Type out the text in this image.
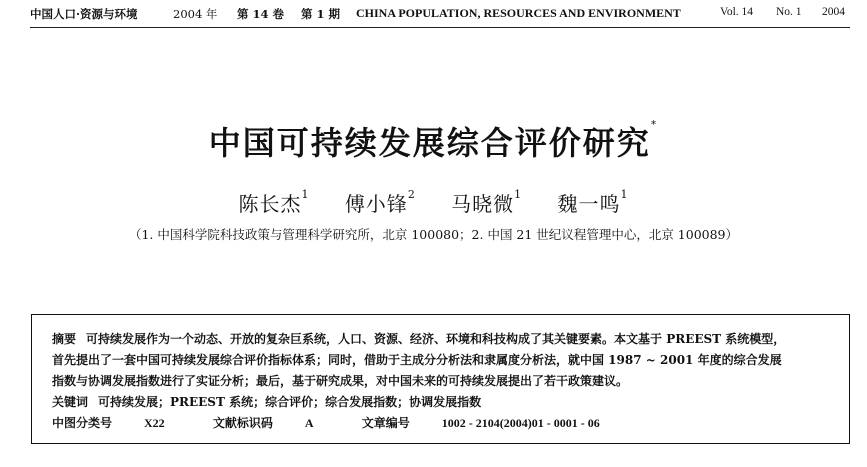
中国人口·资源与环境	2004 年 第 14 卷 第 1 期 CHINA POPULATION, RESOURCES AND ENVIRONMENT	Vol. 14 No. 1 2004
中国可持续发展综合评价研究*
陈长杰$^1$ 傅小锋$^2$ 马晓微$^1$ 魏一鸣$^1$
（1. 中国科学院科技政策与管理科学研究所，北京 100080；2. 中国 21 世纪议程管理中心，北京 100089）
摘要 可持续发展作为一个动态、开放的复杂巨系统，人口、资源、经济、环境和科技构成了其关键要素。本文基于 PREEST 系统模型，
首先提出了一套中国可持续发展综合评价指标体系；同时，借助于主成分分析法和隶属度分析法，就中国 1987 ~ 2001 年度的综合发展
指数与协调发展指数进行了实证分析；最后，基于研究成果，对中国未来的可持续发展提出了若干政策建议。
关键词 可持续发展；PREEST 系统；综合评价；综合发展指数；协调发展指数
中图分类号	X22	文献标识码	A	文章编号	1002 - 2104(2004)01 - 0001 - 06
